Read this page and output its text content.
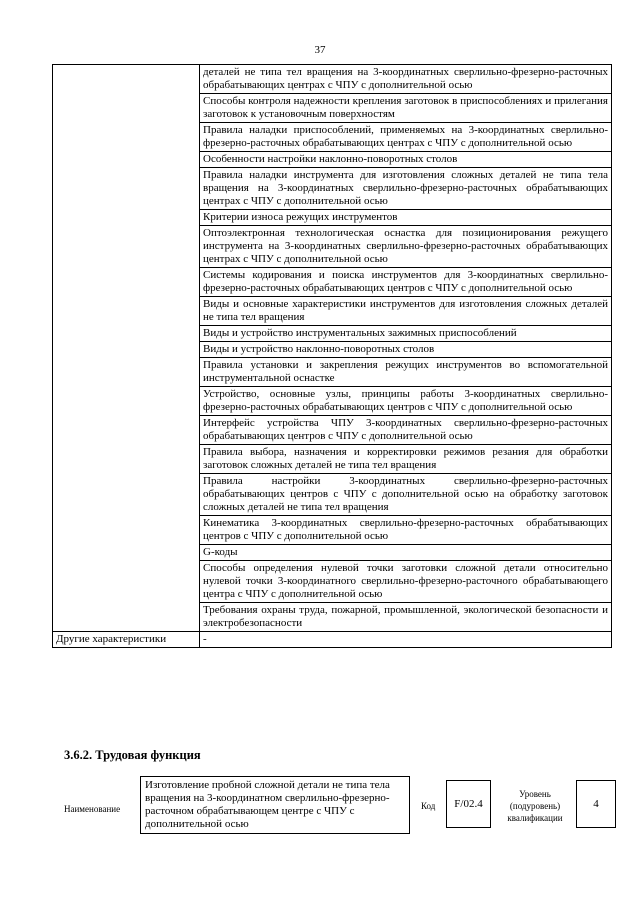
37
	деталей не типа тел вращения на 3-координатных сверлильно-фрезерно-расточных обрабатывающих центрах с ЧПУ с дополнительной осью
	Способы контроля надежности крепления заготовок в приспособлениях и прилегания заготовок к установочным поверхностям
	Правила наладки приспособлений, применяемых на 3-координатных сверлильно-фрезерно-расточных обрабатывающих центрах с ЧПУ с дополнительной осью
	Особенности настройки наклонно-поворотных столов
	Правила наладки инструмента для изготовления сложных деталей не типа тела вращения на 3-координатных сверлильно-фрезерно-расточных обрабатывающих центрах с ЧПУ с дополнительной осью
	Критерии износа режущих инструментов
	Оптоэлектронная технологическая оснастка для позиционирования режущего инструмента на 3-координатных сверлильно-фрезерно-расточных обрабатывающих центрах с ЧПУ с дополнительной осью
	Системы кодирования и поиска инструментов для 3-координатных сверлильно-фрезерно-расточных обрабатывающих центров с ЧПУ с дополнительной осью
	Виды и основные характеристики инструментов для изготовления сложных деталей не типа тел вращения
	Виды и устройство инструментальных зажимных приспособлений
	Виды и устройство наклонно-поворотных столов
	Правила установки и закрепления режущих инструментов во вспомогательной инструментальной оснастке
	Устройство, основные узлы, принципы работы 3-координатных сверлильно-фрезерно-расточных обрабатывающих центров с ЧПУ с дополнительной осью
	Интерфейс устройства ЧПУ 3-координатных сверлильно-фрезерно-расточных обрабатывающих центров с ЧПУ с дополнительной осью
	Правила выбора, назначения и корректировки режимов резания для обработки заготовок сложных деталей не типа тел вращения
	Правила настройки 3-координатных сверлильно-фрезерно-расточных обрабатывающих центров с ЧПУ с дополнительной осью на обработку заготовок сложных деталей не типа тел вращения
	Кинематика 3-координатных сверлильно-фрезерно-расточных обрабатывающих центров с ЧПУ с дополнительной осью
	G-коды
	Способы определения нулевой точки заготовки сложной детали относительно нулевой точки 3-координатного сверлильно-фрезерно-расточного обрабатывающего центра с ЧПУ с дополнительной осью
	Требования охраны труда, пожарной, промышленной, экологической безопасности и электробезопасности
Другие характеристики	-
3.6.2. Трудовая функция
Наименование
Изготовление пробной сложной детали не типа тела вращения на 3-координатном сверлильно-фрезерно-расточном обрабатывающем центре с ЧПУ с дополнительной осью
Код	F/02.4
Уровень (подуровень) квалификации
4
